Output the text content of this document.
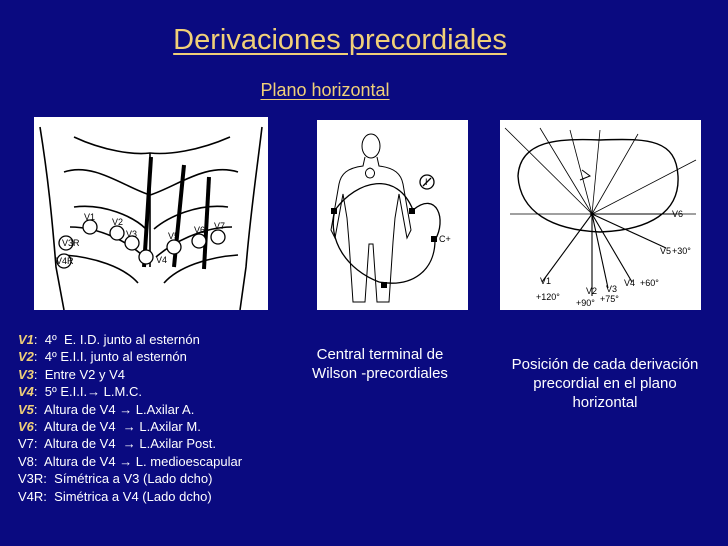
Derivaciones precordiales
Plano horizontal
V1 V2
V3
V4
V5
V6 V7
V3R
V4R
I
C+
V1
+120°
V2
+90°
V3
+75°
V4 +60°
V5 +30°
V6
V1:  4º  E. I.D. junto al esternón
V2:  4º E.I.I. junto al esternón
V3:  Entre V2 y V4
V4:  5º E.I.I.→ L.M.C.
V5:  Altura de V4 → L.Axilar A.
V6:  Altura de V4  → L.Axilar M.
V7:  Altura de V4  → L.Axilar Post.
V8:  Altura de V4 → L. medioescapular
V3R:  Símétrica a V3 (Lado dcho)
V4R:  Simétrica a V4 (Lado dcho)
Central terminal de Wilson -precordiales
Posición de cada derivación precordial en el plano horizontal
